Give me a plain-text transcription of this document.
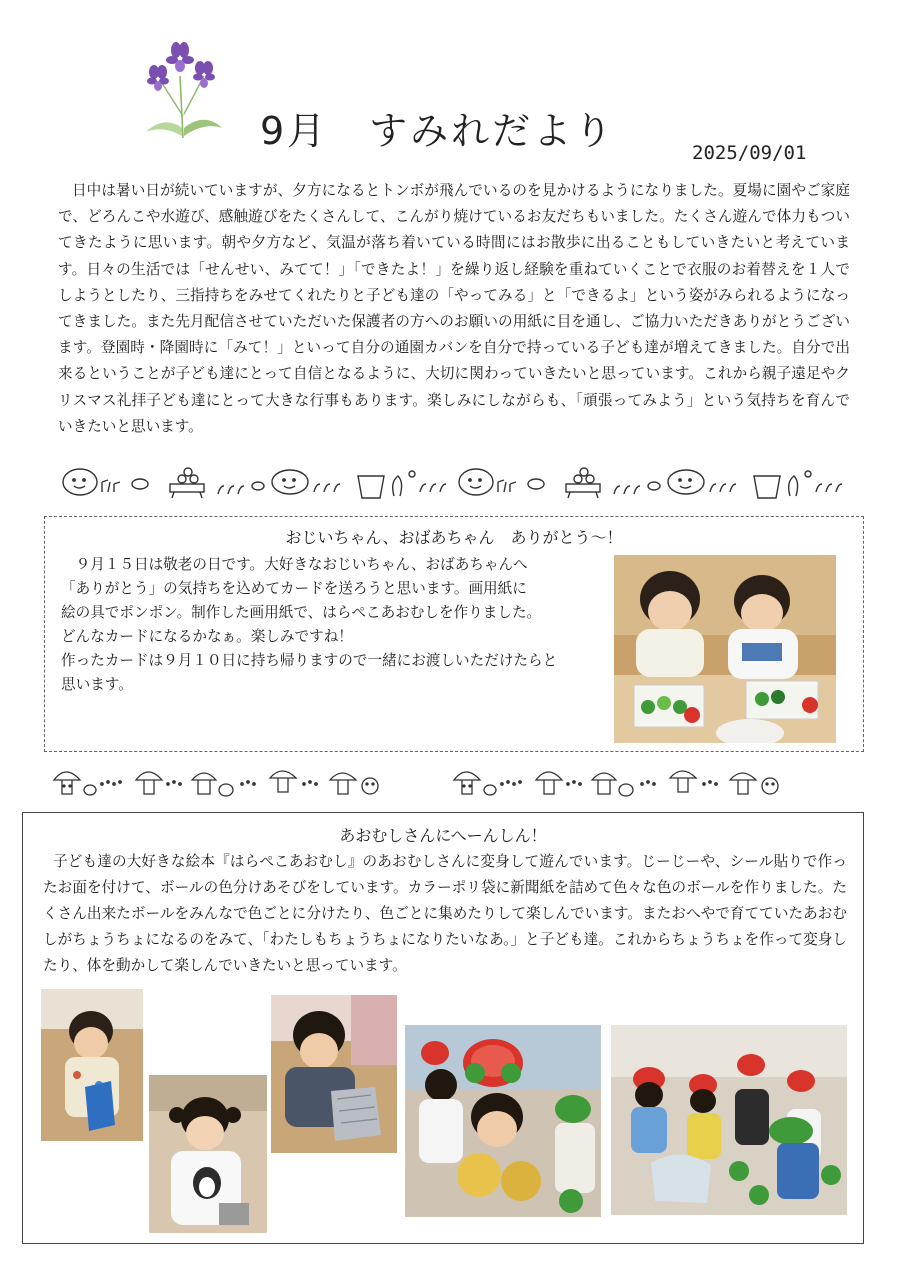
9月　すみれだより	2025/09/01

日中は暑い日が続いていますが、夕方になるとトンボが飛んでいるのを見かけるようになりました。夏場に園やご家庭で、どろんこや水遊び、感触遊びをたくさんして、こんがり焼けているお友だちもいました。たくさん遊んで体力もついてきたように思います。朝や夕方など、気温が落ち着いている時間にはお散歩に出ることもしていきたいと考えています。日々の生活では「せんせい、みてて！」「できたよ！」を繰り返し経験を重ねていくことで衣服のお着替えを１人でしようとしたり、三指持ちをみせてくれたりと子ども達の「やってみる」と「できるよ」という姿がみられるようになってきました。また先月配信させていただいた保護者の方へのお願いの用紙に目を通し、ご協力いただきありがとうございます。登園時・降園時に「みて！」といって自分の通園カバンを自分で持っている子ども達が増えてきました。自分で出来るということが子ども達にとって自信となるように、大切に関わっていきたいと思っています。これから親子遠足やクリスマス礼拝子ども達にとって大きな行事もあります。楽しみにしながらも、「頑張ってみよう」という気持ちを育んでいきたいと思います。

おじいちゃん、おばあちゃん　ありがとう～！
　９月１５日は敬老の日です。大好きなおじいちゃん、おばあちゃんへ
「ありがとう」の気持ちを込めてカードを送ろうと思います。画用紙に
絵の具でポンポン。制作した画用紙で、はらぺこあおむしを作りました。
どんなカードになるかなぁ。楽しみですね！
作ったカードは９月１０日に持ち帰りますので一緒にお渡しいただけたらと
思います。
あおむしさんにへーんしん！

子ども達の大好きな絵本『はらぺこあおむし』のあおむしさんに変身して遊んでいます。じーじーや、シール貼りで作ったお面を付けて、ボールの色分けあそびをしています。カラーポリ袋に新聞紙を詰めて色々な色のボールを作りました。たくさん出来たボールをみんなで色ごとに分けたり、色ごとに集めたりして楽しんでいます。またおへやで育てていたあおむしがちょうちょになるのをみて、「わたしもちょうちょになりたいなあ。」と子ども達。これからちょうちょを作って変身したり、体を動かして楽しんでいきたいと思っています。
